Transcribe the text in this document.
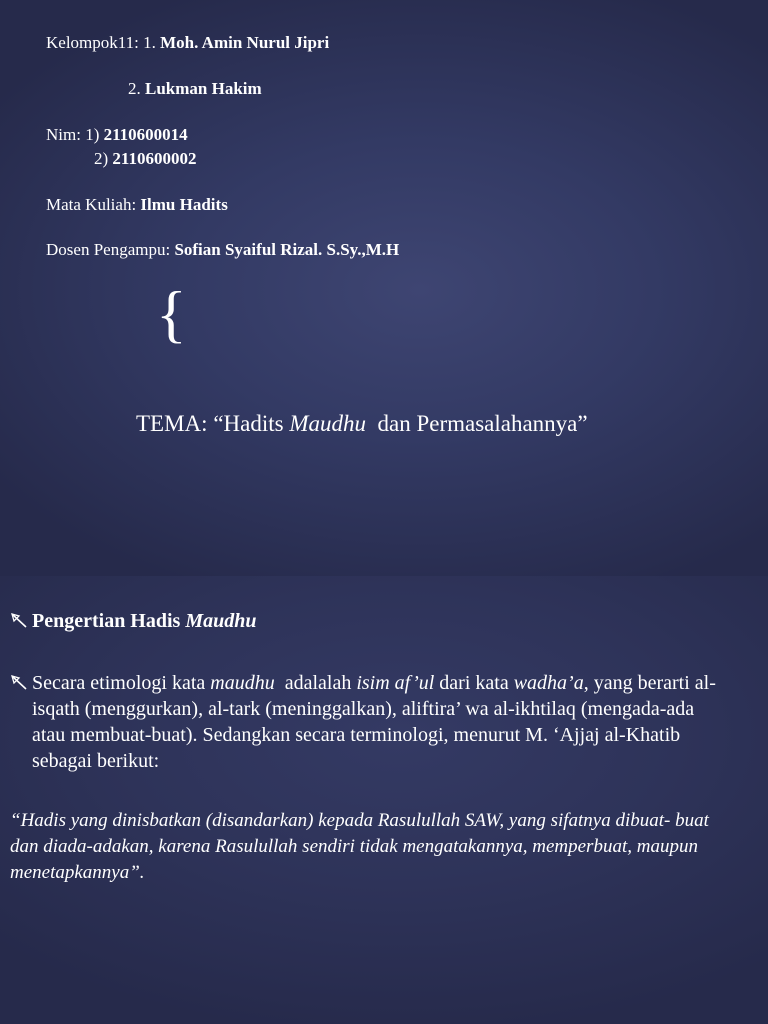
Kelompok11: 1. Moh. Amin Nurul Jipri
2. Lukman Hakim
Nim: 1) 2110600014
2) 2110600002
Mata Kuliah: Ilmu Hadits
Dosen Pengampu: Sofian Syaiful Rizal. S.Sy.,M.H
{
TEMA: “Hadits Maudhu dan Permasalahannya”
Pengertian Hadis Maudhu
Secara etimologi kata maudhu adalalah isim af’ul dari kata wadha’a, yang berarti al-isqath (menggurkan), al-tark (meninggalkan), aliftira’ wa al-ikhtilaq (mengada-ada atau membuat-buat). Sedangkan secara terminologi, menurut M. ‘Ajjaj al-Khatib sebagai berikut:
“Hadis yang dinisbatkan (disandarkan) kepada Rasulullah SAW, yang sifatnya dibuat- buat dan diada-adakan, karena Rasulullah sendiri tidak mengatakannya, memperbuat, maupun menetapkannya”.
